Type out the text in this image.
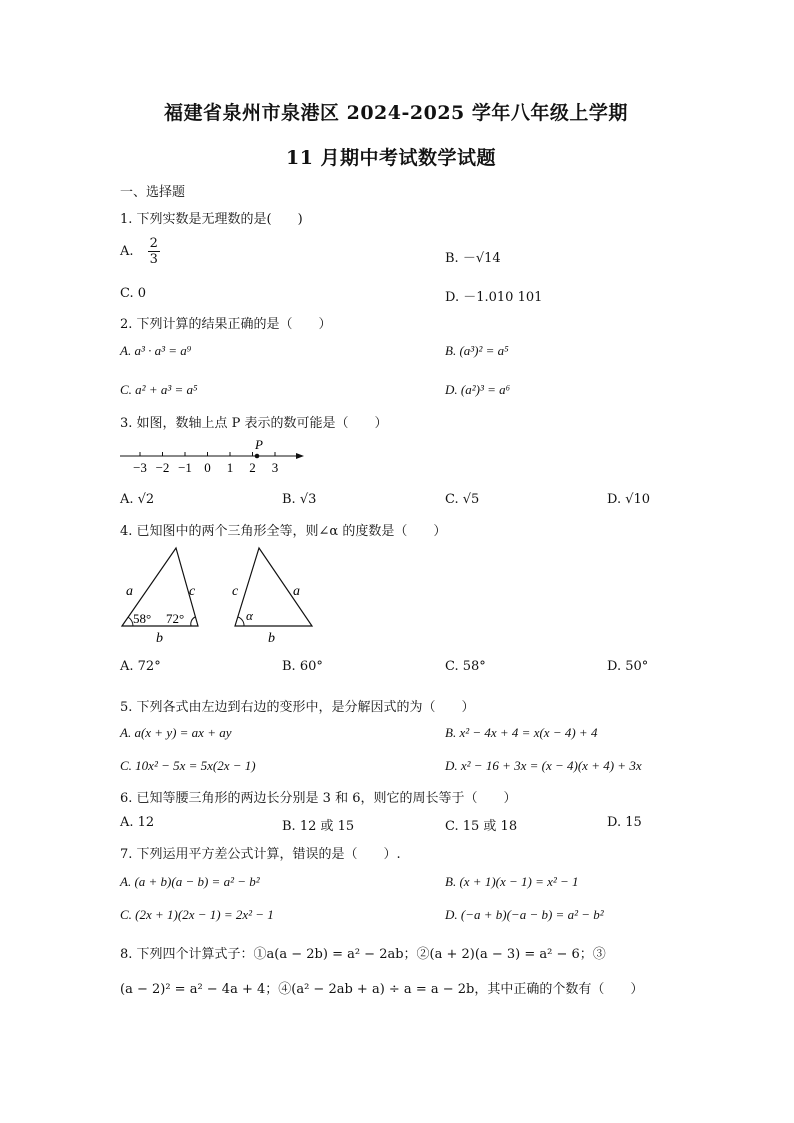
福建省泉州市泉港区 2024-2025 学年八年级上学期
11 月期中考试数学试题
一、选择题
1. 下列实数是无理数的是(　　)
A. $\frac{2}{3}$	B. －√14
C. 0	D. －1.010 101
2. 下列计算的结果正确的是（　　）
A. a³ · a³ = a⁹	B. (a³)² = a⁵
C. a² + a³ = a⁵	D. (a²)³ = a⁶
3. 如图，数轴上点 P 表示的数可能是（　　）
−3 −2 −1 0 1 2 3
P
A. √2	B. √3	C. √5	D. √10
4. 已知图中的两个三角形全等，则∠α 的度数是（　　）
a	c
b
58° 72°
c	a
b
α
A. 72°	B. 60°	C. 58°	D. 50°
5. 下列各式由左边到右边的变形中，是分解因式的为（　　）
A. a(x + y) = ax + ay	B. x² − 4x + 4 = x(x − 4) + 4
C. 10x² − 5x = 5x(2x − 1)	D. x² − 16 + 3x = (x − 4)(x + 4) + 3x
6. 已知等腰三角形的两边长分别是 3 和 6，则它的周长等于（　　）
A. 12	B. 12 或 15	C. 15 或 18	D. 15
7. 下列运用平方差公式计算，错误的是（　　）.
A. (a + b)(a − b) = a² − b²	B. (x + 1)(x − 1) = x² − 1
C. (2x + 1)(2x − 1) = 2x² − 1	D. (−a + b)(−a − b) = a² − b²
8. 下列四个计算式子：①a(a − 2b) = a² − 2ab；②(a + 2)(a − 3) = a² − 6；③
(a − 2)² = a² − 4a + 4；④(a² − 2ab + a) ÷ a = a − 2b，其中正确的个数有（　　）
